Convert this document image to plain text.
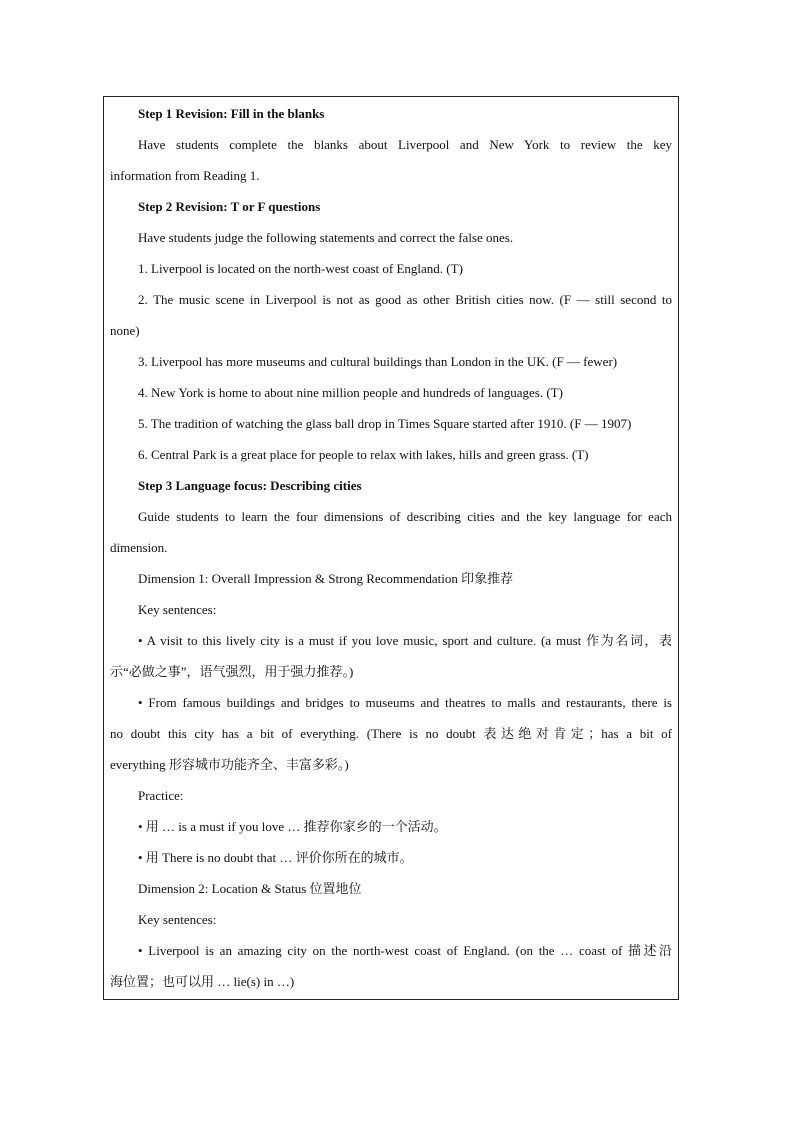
Step 1 Revision: Fill in the blanks
Have students complete the blanks about Liverpool and New York to review the key
information from Reading 1.
Step 2 Revision: T or F questions
Have students judge the following statements and correct the false ones.
1. Liverpool is located on the north-west coast of England. (T)
2. The music scene in Liverpool is not as good as other British cities now. (F — still second to
none)
3. Liverpool has more museums and cultural buildings than London in the UK. (F — fewer)
4. New York is home to about nine million people and hundreds of languages. (T)
5. The tradition of watching the glass ball drop in Times Square started after 1910. (F — 1907)
6. Central Park is a great place for people to relax with lakes, hills and green grass. (T)
Step 3 Language focus: Describing cities
Guide students to learn the four dimensions of describing cities and the key language for each
dimension.
Dimension 1: Overall Impression & Strong Recommendation 印象推荐
Key sentences:
• A visit to this lively city is a must if you love music, sport and culture. (a must 作为名词，表
示“必做之事”，语气强烈，用于强力推荐。)
• From famous buildings and bridges to museums and theatres to malls and restaurants, there is
no doubt this city has a bit of everything. (There is no doubt 表达绝对肯定；has a bit of
everything 形容城市功能齐全、丰富多彩。)
Practice:
• 用 … is a must if you love … 推荐你家乡的一个活动。
• 用 There is no doubt that … 评价你所在的城市。
Dimension 2: Location & Status 位置地位
Key sentences:
• Liverpool is an amazing city on the north-west coast of England. (on the … coast of 描述沿
海位置；也可以用 … lie(s) in …)
